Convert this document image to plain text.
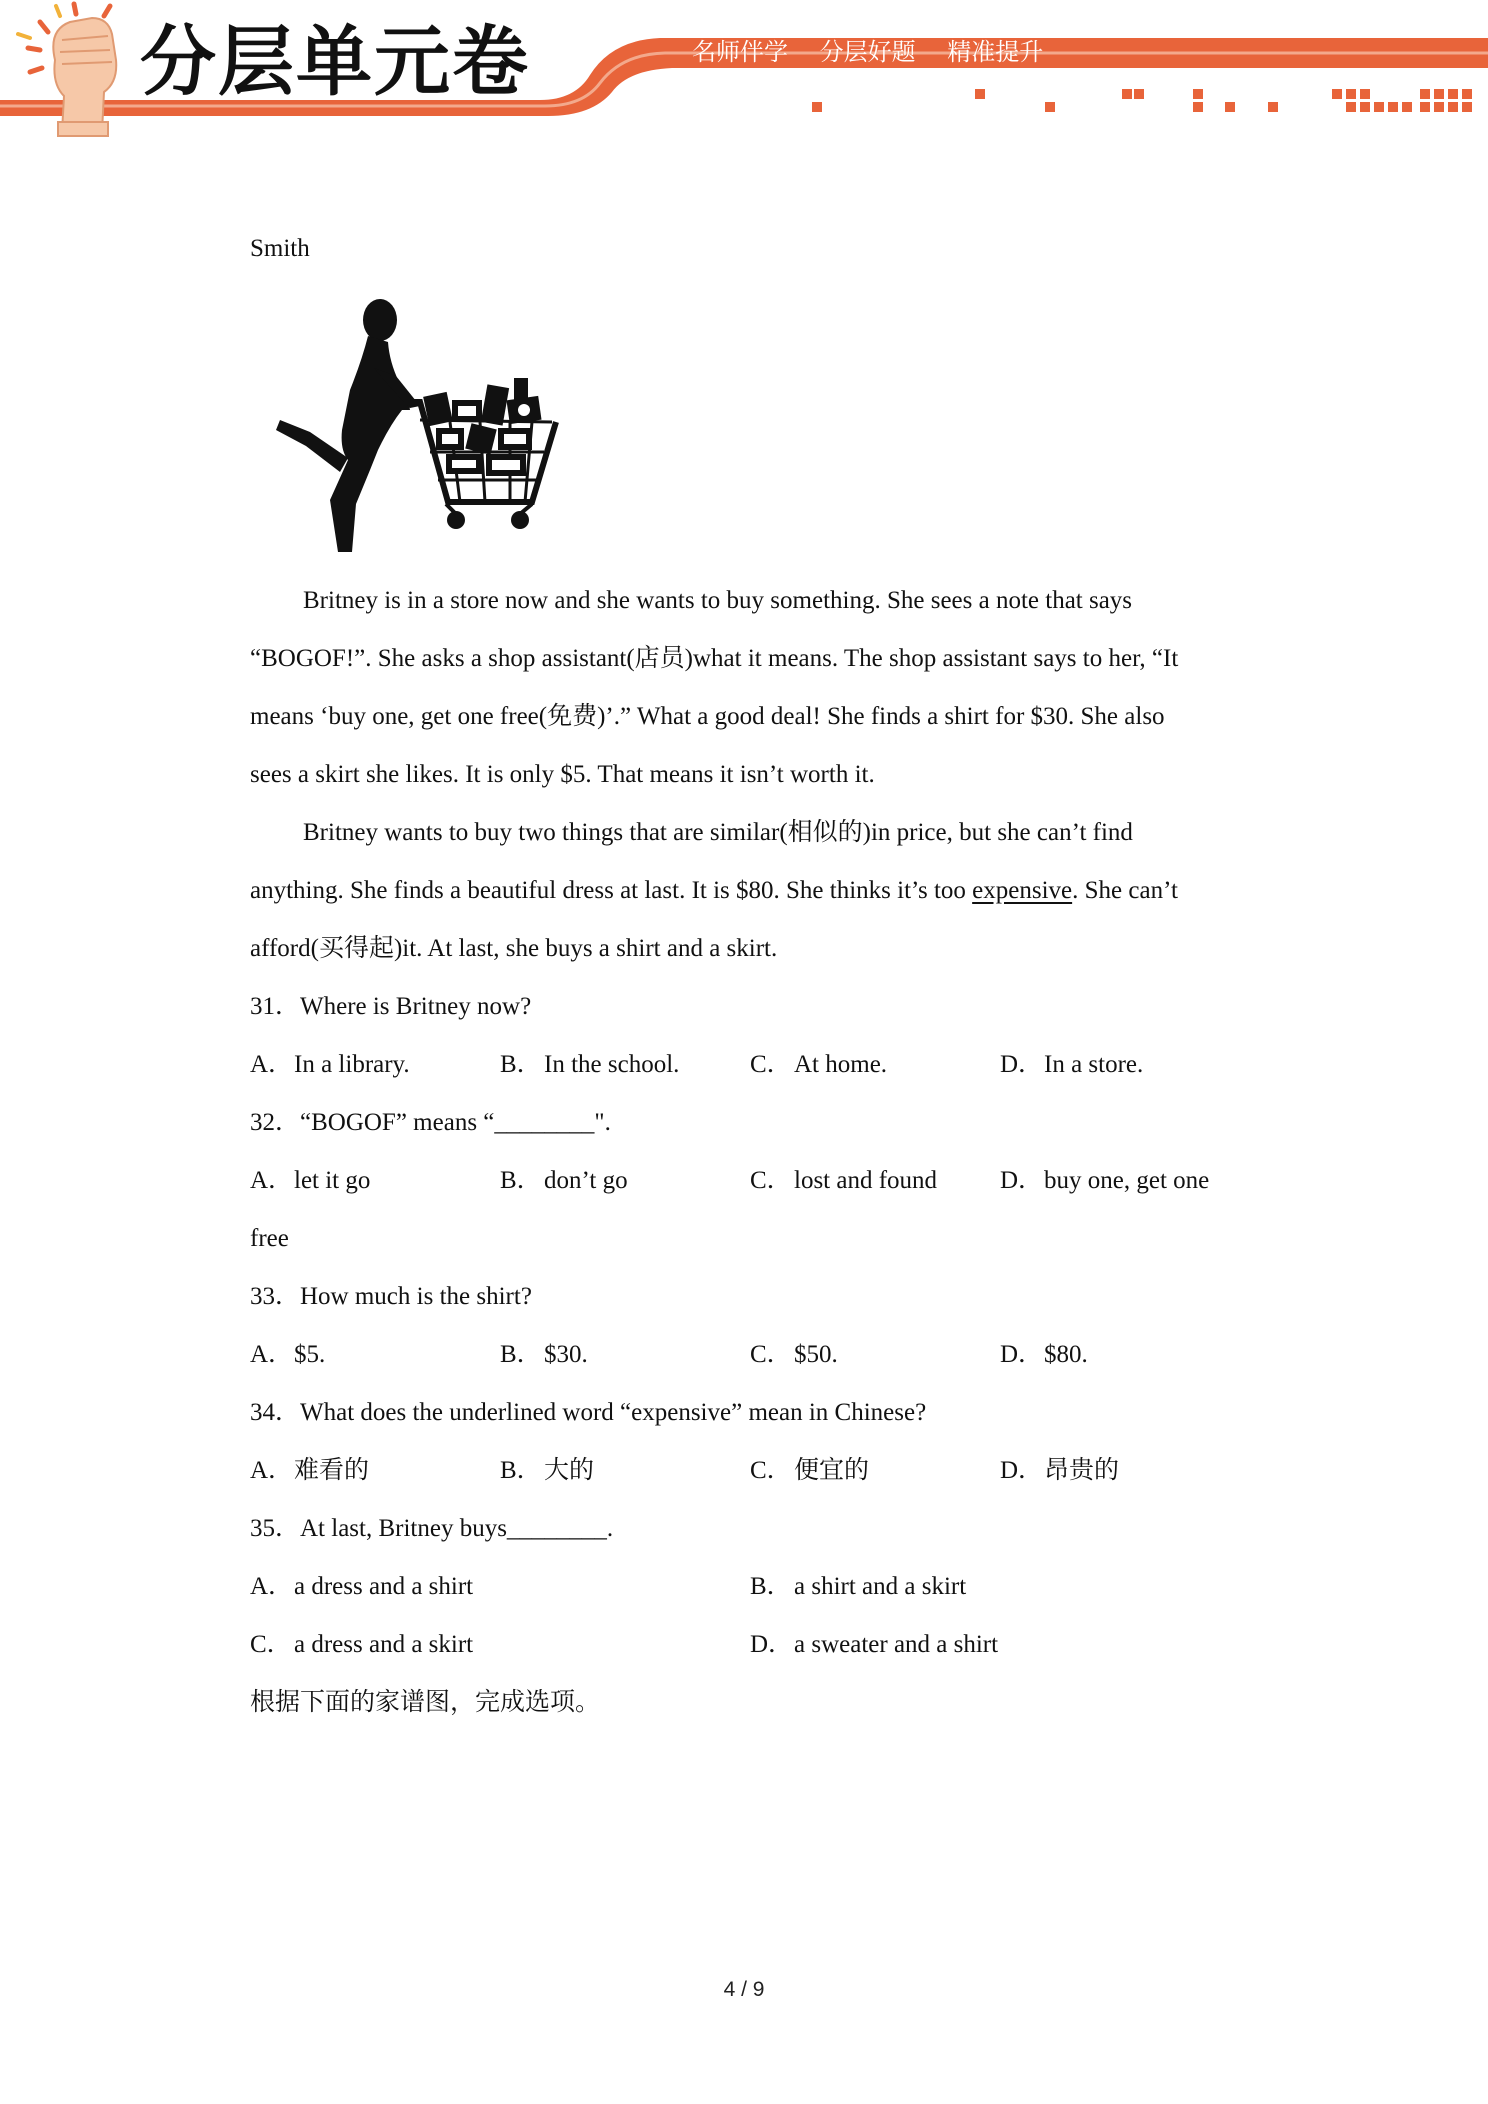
分层单元卷	名师伴学 分层好题 精准提升
Smith
Britney is in a store now and she wants to buy something. She sees a note that says
“BOGOF!”. She asks a shop assistant(店员)what it means. The shop assistant says to her, “It
means ‘buy one, get one free(免费)’.” What a good deal! She finds a shirt for $30. She also
sees a skirt she likes. It is only $5. That means it isn’t worth it.
Britney wants to buy two things that are similar(相似的)in price, but she can’t find
anything. She finds a beautiful dress at last. It is $80. She thinks it’s too expensive. She can’t
afford(买得起)it. At last, she buys a shirt and a skirt.
31．Where is Britney now?
A．In a library.	B．In the school.	C．At home.	D．In a store.
32．“BOGOF” means “________".
A．let it go	B．don’t go	C．lost and found	D．buy one, get one
free
33．How much is the shirt?
A．$5.	B．$30.	C．$50.	D．$80.
34．What does the underlined word “expensive” mean in Chinese?
A．难看的	B．大的	C．便宜的	D．昂贵的
35．At last, Britney buys________.
A．a dress and a shirt	B．a shirt and a skirt
C．a dress and a skirt	D．a sweater and a shirt
根据下面的家谱图，完成选项。
4 / 9
